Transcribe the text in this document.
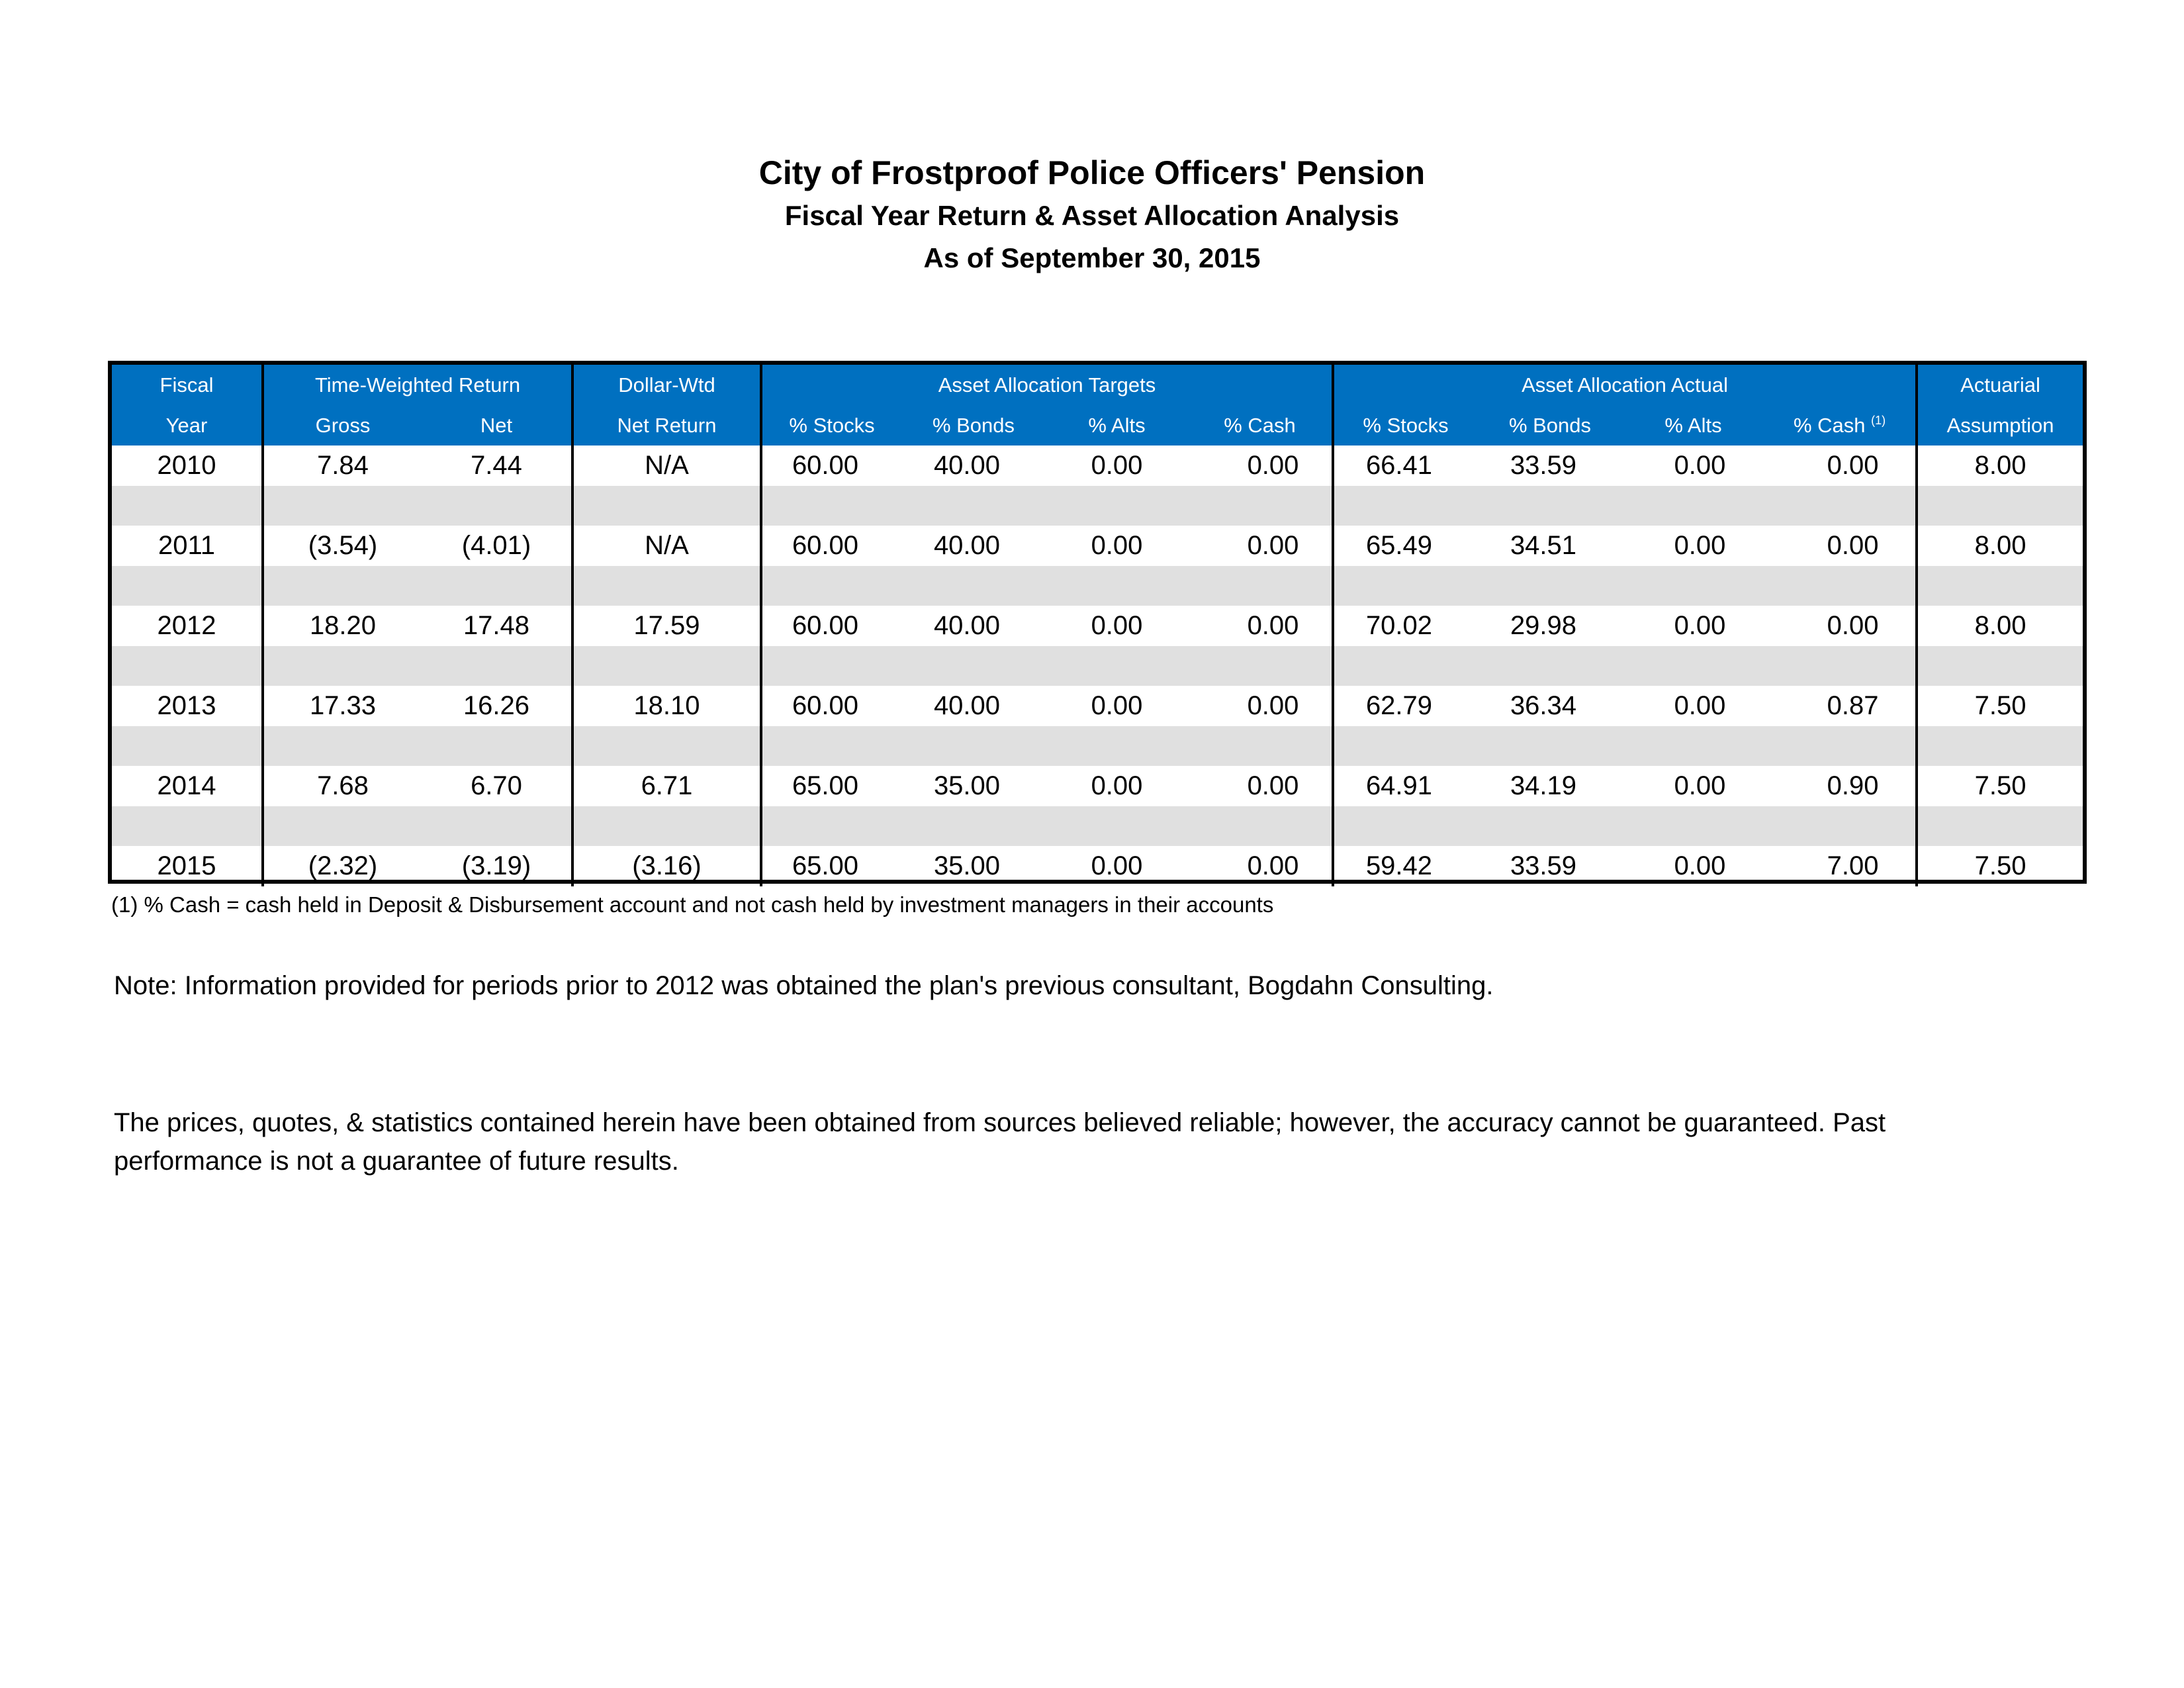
City of Frostproof Police Officers' Pension

Fiscal Year Return & Asset Allocation Analysis

As of September 30, 2015

Fiscal	Time-Weighted Return		Dollar-Wtd	Asset Allocation Targets				Asset Allocation Actual				Actuarial
Year	Gross	Net	Net Return	% Stocks	% Bonds	% Alts	% Cash	% Stocks	% Bonds	% Alts	% Cash $^{(1)}$	Assumption
2010	7.84	7.44	N/A	60.00	40.00	0.00	0.00	66.41	33.59	0.00	0.00	8.00

2011	(3.54)	(4.01)	N/A	60.00	40.00	0.00	0.00	65.49	34.51	0.00	0.00	8.00

2012	18.20	17.48	17.59	60.00	40.00	0.00	0.00	70.02	29.98	0.00	0.00	8.00

2013	17.33	16.26	18.10	60.00	40.00	0.00	0.00	62.79	36.34	0.00	0.87	7.50

2014	7.68	6.70	6.71	65.00	35.00	0.00	0.00	64.91	34.19	0.00	0.90	7.50

2015	(2.32)	(3.19)	(3.16)	65.00	35.00	0.00	0.00	59.42	33.59	0.00	7.00	7.50
(1) % Cash = cash held in Deposit & Disbursement account and not cash held by investment managers in their accounts
Note: Information provided for periods prior to 2012 was obtained the plan's previous consultant, Bogdahn Consulting.
The prices, quotes, & statistics contained herein have been obtained from sources believed reliable; however, the accuracy cannot be guaranteed. Past performance is not a guarantee of future results.
